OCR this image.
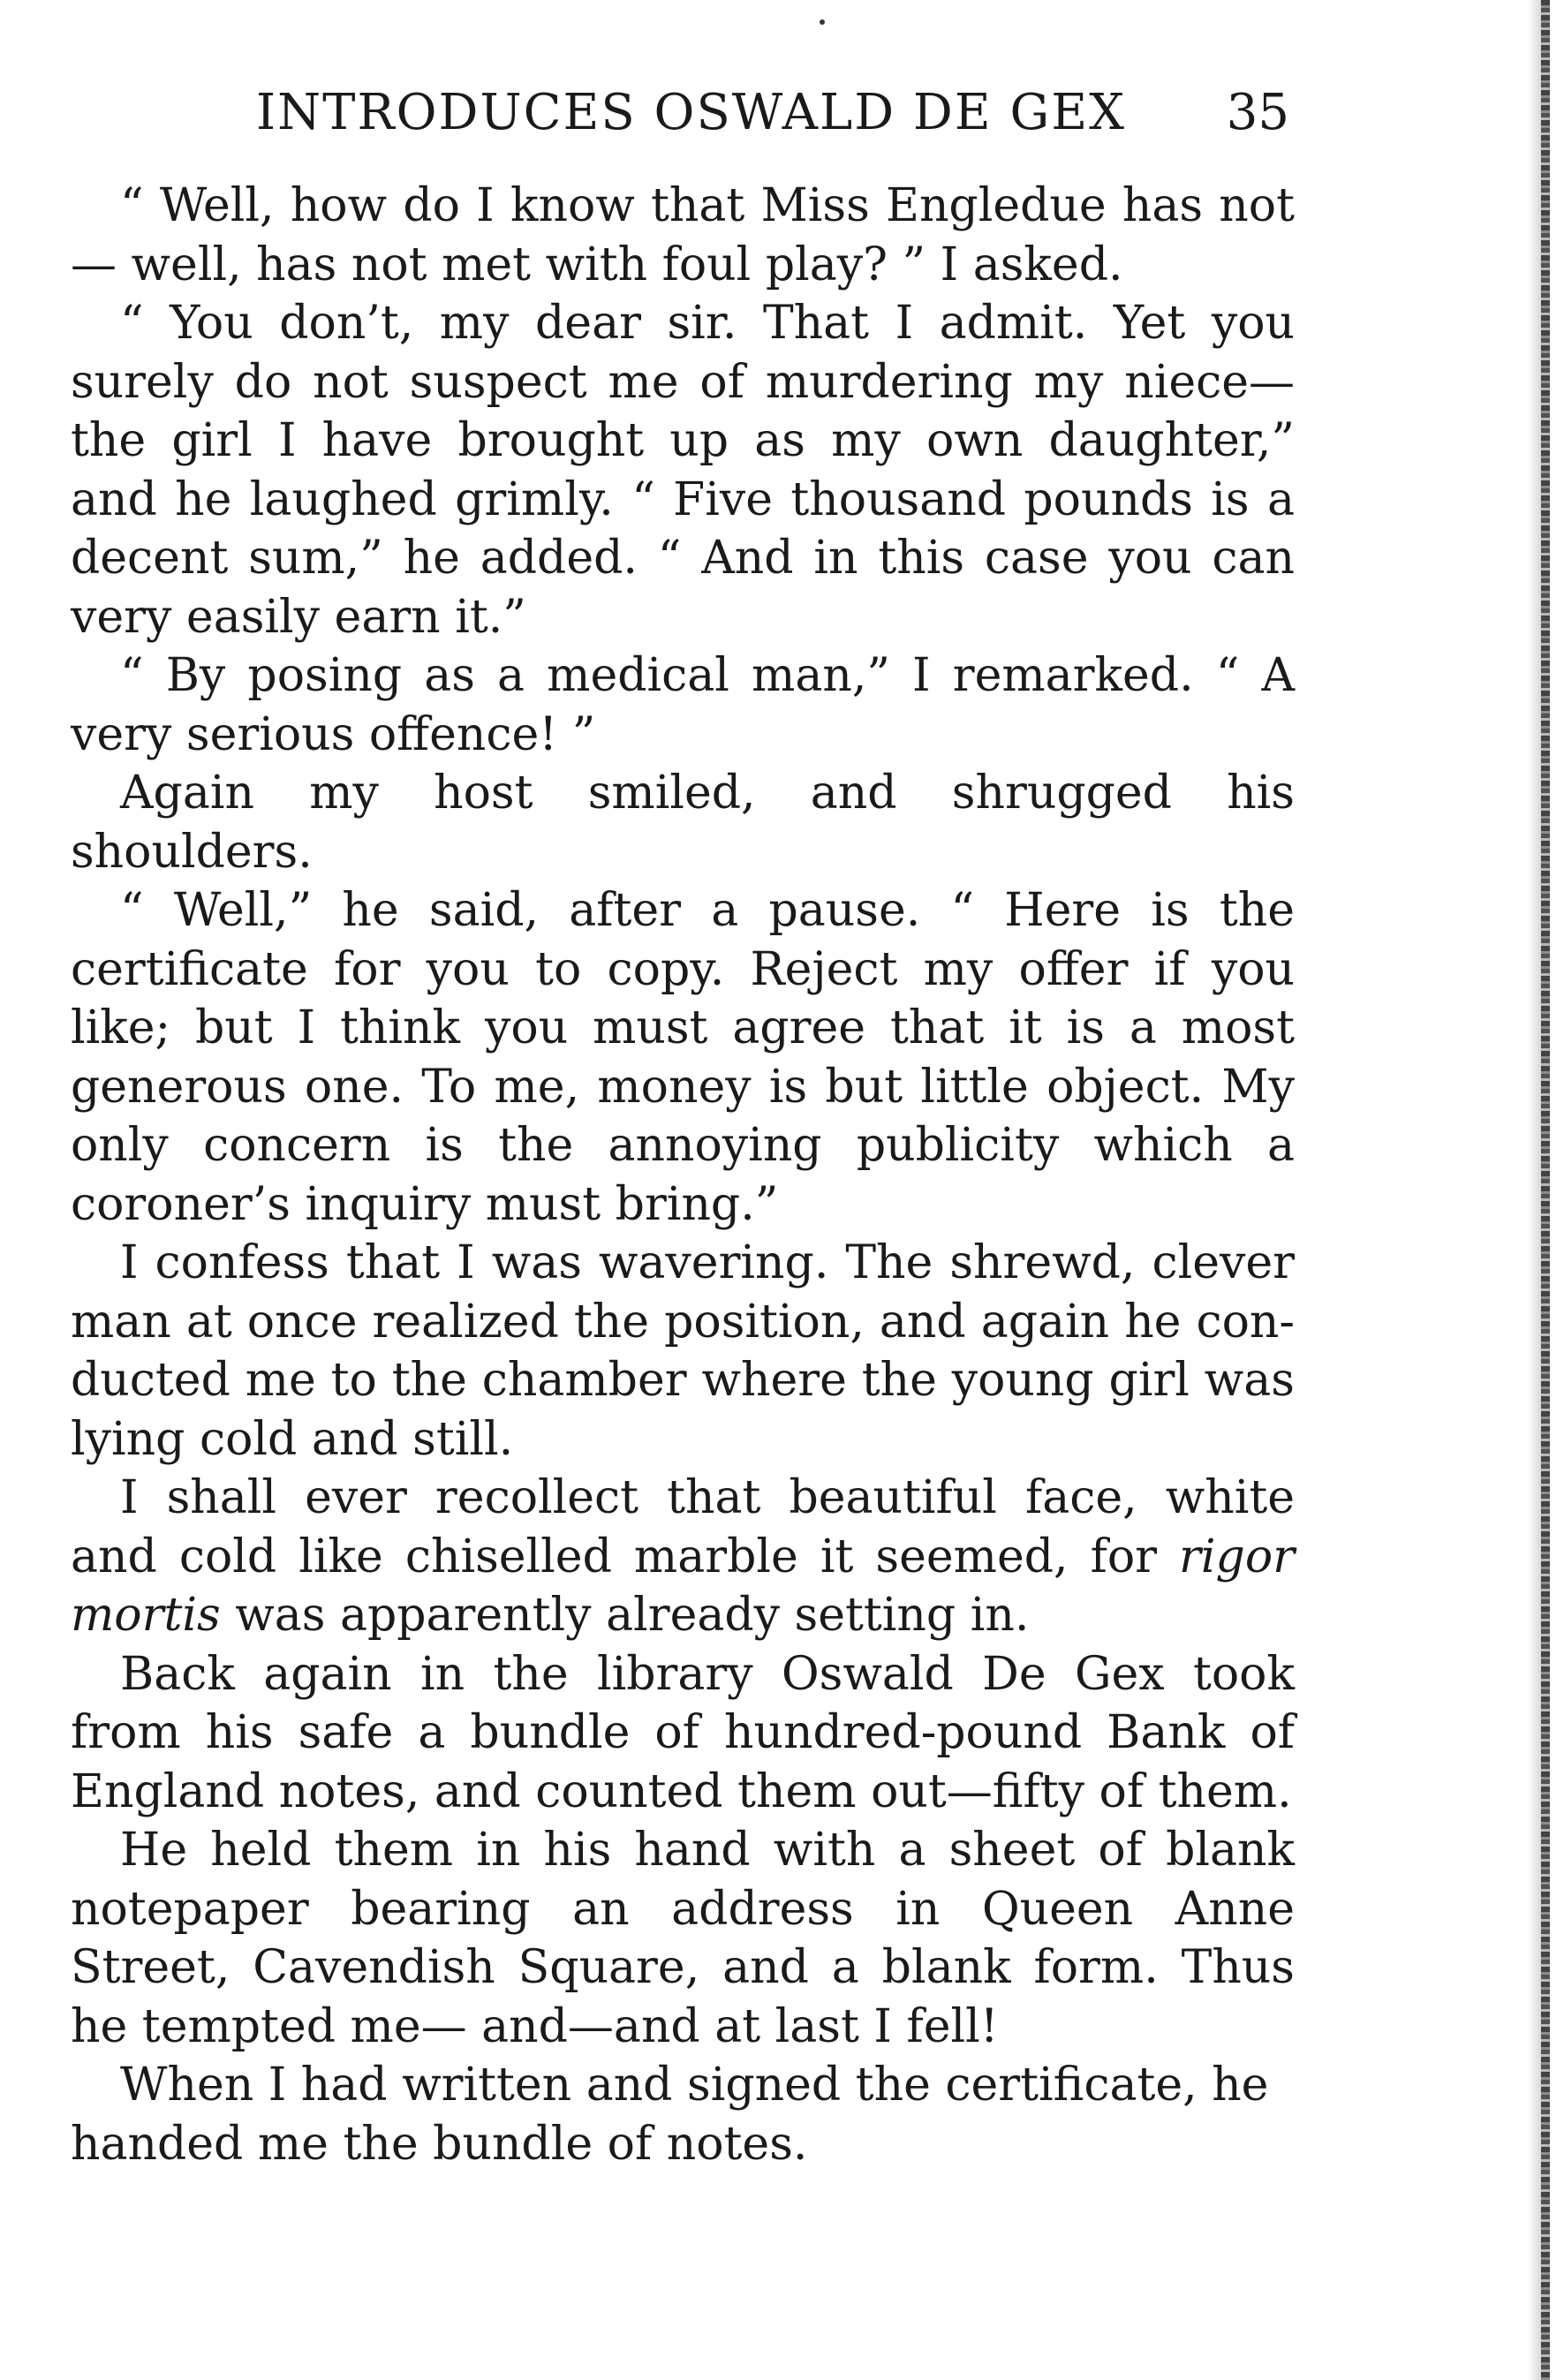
INTRODUCES OSWALD DE GEX 35

“ Well, how do I know that Miss Engledue has not— well, has not met with foul play? ” I asked.

“ You don’t, my dear sir. That I admit. Yet you surely do not suspect me of murdering my niece—the girl I have brought up as my own daughter,” and he laughed grimly. “ Five thousand pounds is a decent sum,” he added. “ And in this case you can very easily earn it.”

“ By posing as a medical man,” I remarked. “ A very serious offence! ”

Again my host smiled, and shrugged his shoulders.

“ Well,” he said, after a pause. “ Here is the certificate for you to copy. Reject my offer if you like; but I think you must agree that it is a most generous one. To me, money is but little object. My only concern is the annoying publicity which a coroner’s inquiry must bring.”

I confess that I was wavering. The shrewd, clever man at once realized the position, and again he conducted me to the chamber where the young girl was lying cold and still.

I shall ever recollect that beautiful face, white and cold like chiselled marble it seemed, for rigor mortis was apparently already setting in.

Back again in the library Oswald De Gex took from his safe a bundle of hundred-pound Bank of England notes, and counted them out—fifty of them.

He held them in his hand with a sheet of blank notepaper bearing an address in Queen Anne Street, Cavendish Square, and a blank form. Thus he tempted me— and—and at last I fell!

When I had written and signed the certificate, he handed me the bundle of notes.
